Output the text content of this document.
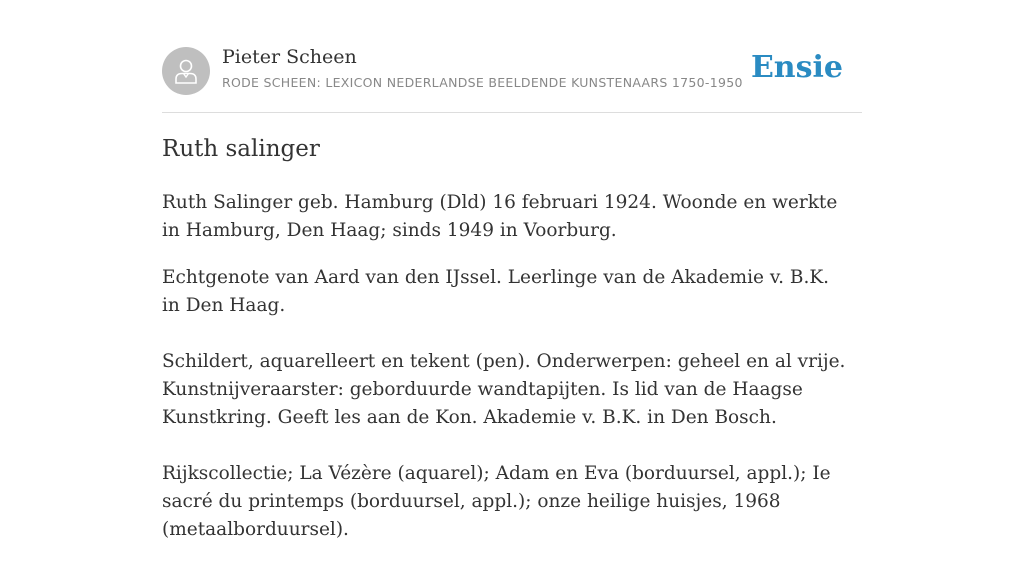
Pieter Scheen
RODE SCHEEN: LEXICON NEDERLANDSE BEELDENDE KUNSTENAARS 1750-1950 Ensie
Ruth salinger

Ruth Salinger geb. Hamburg (Dld) 16 februari 1924. Woonde en werkte in Hamburg, Den Haag; sinds 1949 in Voorburg.

Echtgenote van Aard van den IJssel. Leerlinge van de Akademie v. B.K. in Den Haag.

Schildert, aquarelleert en tekent (pen). Onderwerpen: geheel en al vrije. Kunstnijveraarster: geborduurde wandtapijten. Is lid van de Haagse Kunstkring. Geeft les aan de Kon. Akademie v. B.K. in Den Bosch.

Rijkscollectie; La Vézère (aquarel); Adam en Eva (borduursel, appl.); Ie sacré du printemps (borduursel, appl.); onze heilige huisjes, 1968 (metaalborduursel).
